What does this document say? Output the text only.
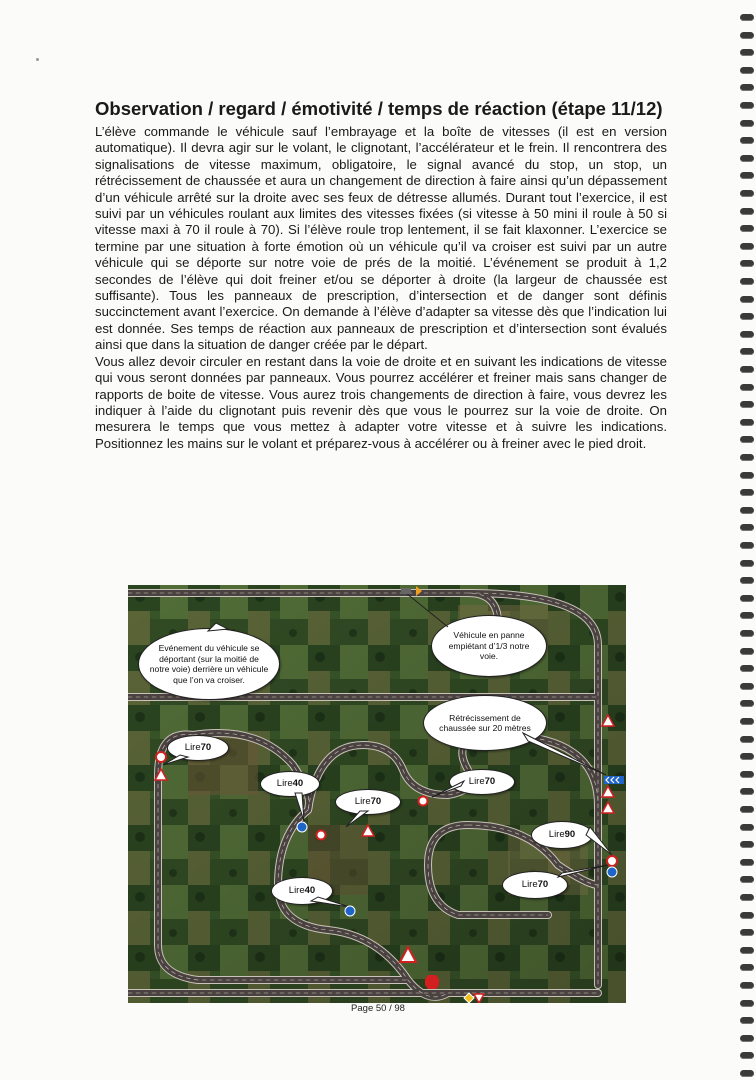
Observation / regard / émotivité / temps de réaction (étape 11/12)

L’élève commande le véhicule sauf l’embrayage et la boîte de vitesses (il est en version automatique). Il devra agir sur le volant, le clignotant, l’accélérateur et le frein. Il rencontrera des signalisations de vitesse maximum, obligatoire, le signal avancé du stop, un stop, un rétrécissement de chaussée et aura un changement de direction à faire ainsi qu’un dépassement d’un véhicule arrêté sur la droite avec ses feux de détresse allumés. Durant tout l’exercice, il est suivi par un véhicules roulant aux limites des vitesses fixées (si vitesse à 50 mini il roule à 50 si vitesse maxi à 70 il roule à 70). Si l’élève roule trop lentement, il se fait klaxonner. L’exercice se termine par une situation à forte émotion où un véhicule qu’il va croiser est suivi par un autre véhicule qui se déporte sur notre voie de prés de la moitié. L’événement se produit à 1,2 secondes de l’élève qui doit freiner et/ou se déporter à droite (la largeur de chaussée est suffisante). Tous les panneaux de prescription, d’intersection et de danger sont définis succinctement avant l’exercice. On demande à l’élève d’adapter sa vitesse dès que l’indication lui est donnée. Ses temps de réaction aux panneaux de prescription et d’intersection sont évalués ainsi que dans la situation de danger créée par le départ.

Vous allez devoir circuler en restant dans la voie de droite et en suivant les indications de vitesse qui vous seront données par panneaux. Vous pourrez accélérer et freiner mais sans changer de rapports de boite de vitesse. Vous aurez trois changements de direction à faire, vous devrez les indiquer à l’aide du clignotant puis revenir dès que vous le pourrez sur la voie de droite. On mesurera le temps que vous mettez à adapter votre vitesse et à suivre les indications. Positionnez les mains sur le volant et préparez-vous à accélérer ou à freiner avec le pied droit.

Evénement du véhicule se déportant (sur la moitié de notre voie) derrière un véhicule que l’on va croiser.
Véhicule en panne empiétant d’1/3 notre voie.
Rétrécissement de chaussée sur 20 mètres
Lire 70
Lire 40
Lire 70
Lire 70
Lire 40
Lire 90
Lire 70
Page 50 / 98
